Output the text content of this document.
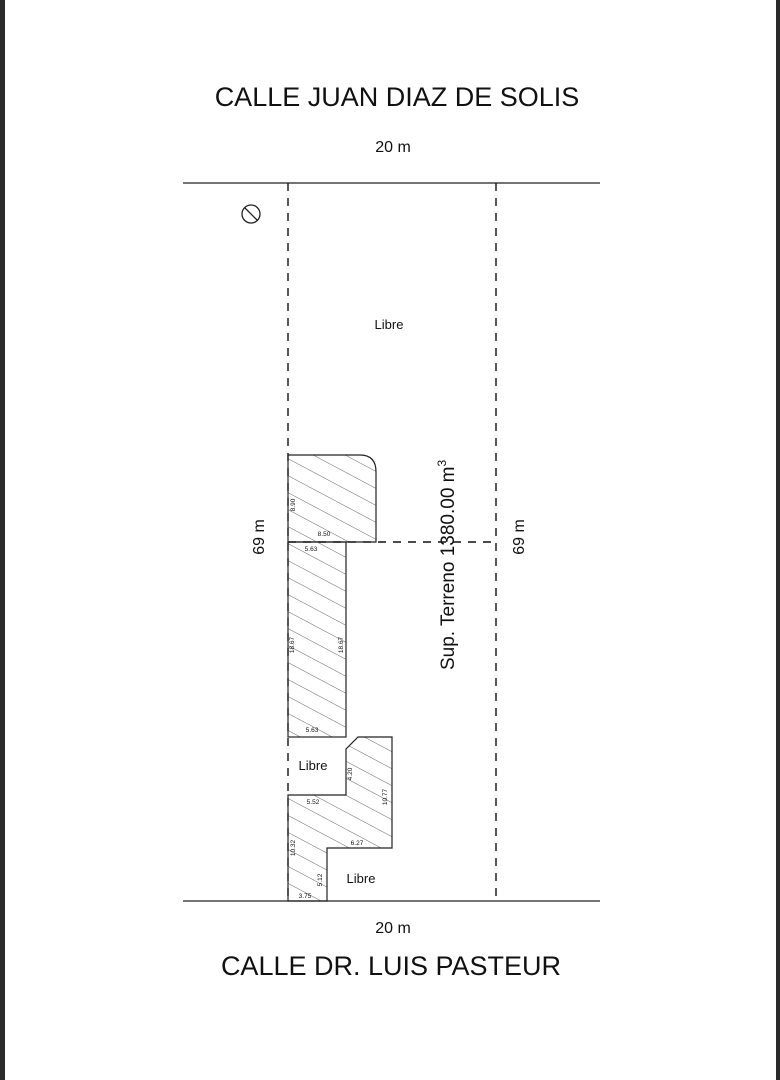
CALLE JUAN DIAZ DE SOLIS
CALLE DR. LUIS PASTEUR
20 m
20 m
69 m	69 m
Sup. Terreno 1380.00 $m^3$
Libre
Libre
Libre
8.90
8.50
5.63
18.67	18.67
5.63
4.20
10.77
5.52
6.27
10.32
5.12
3.75
